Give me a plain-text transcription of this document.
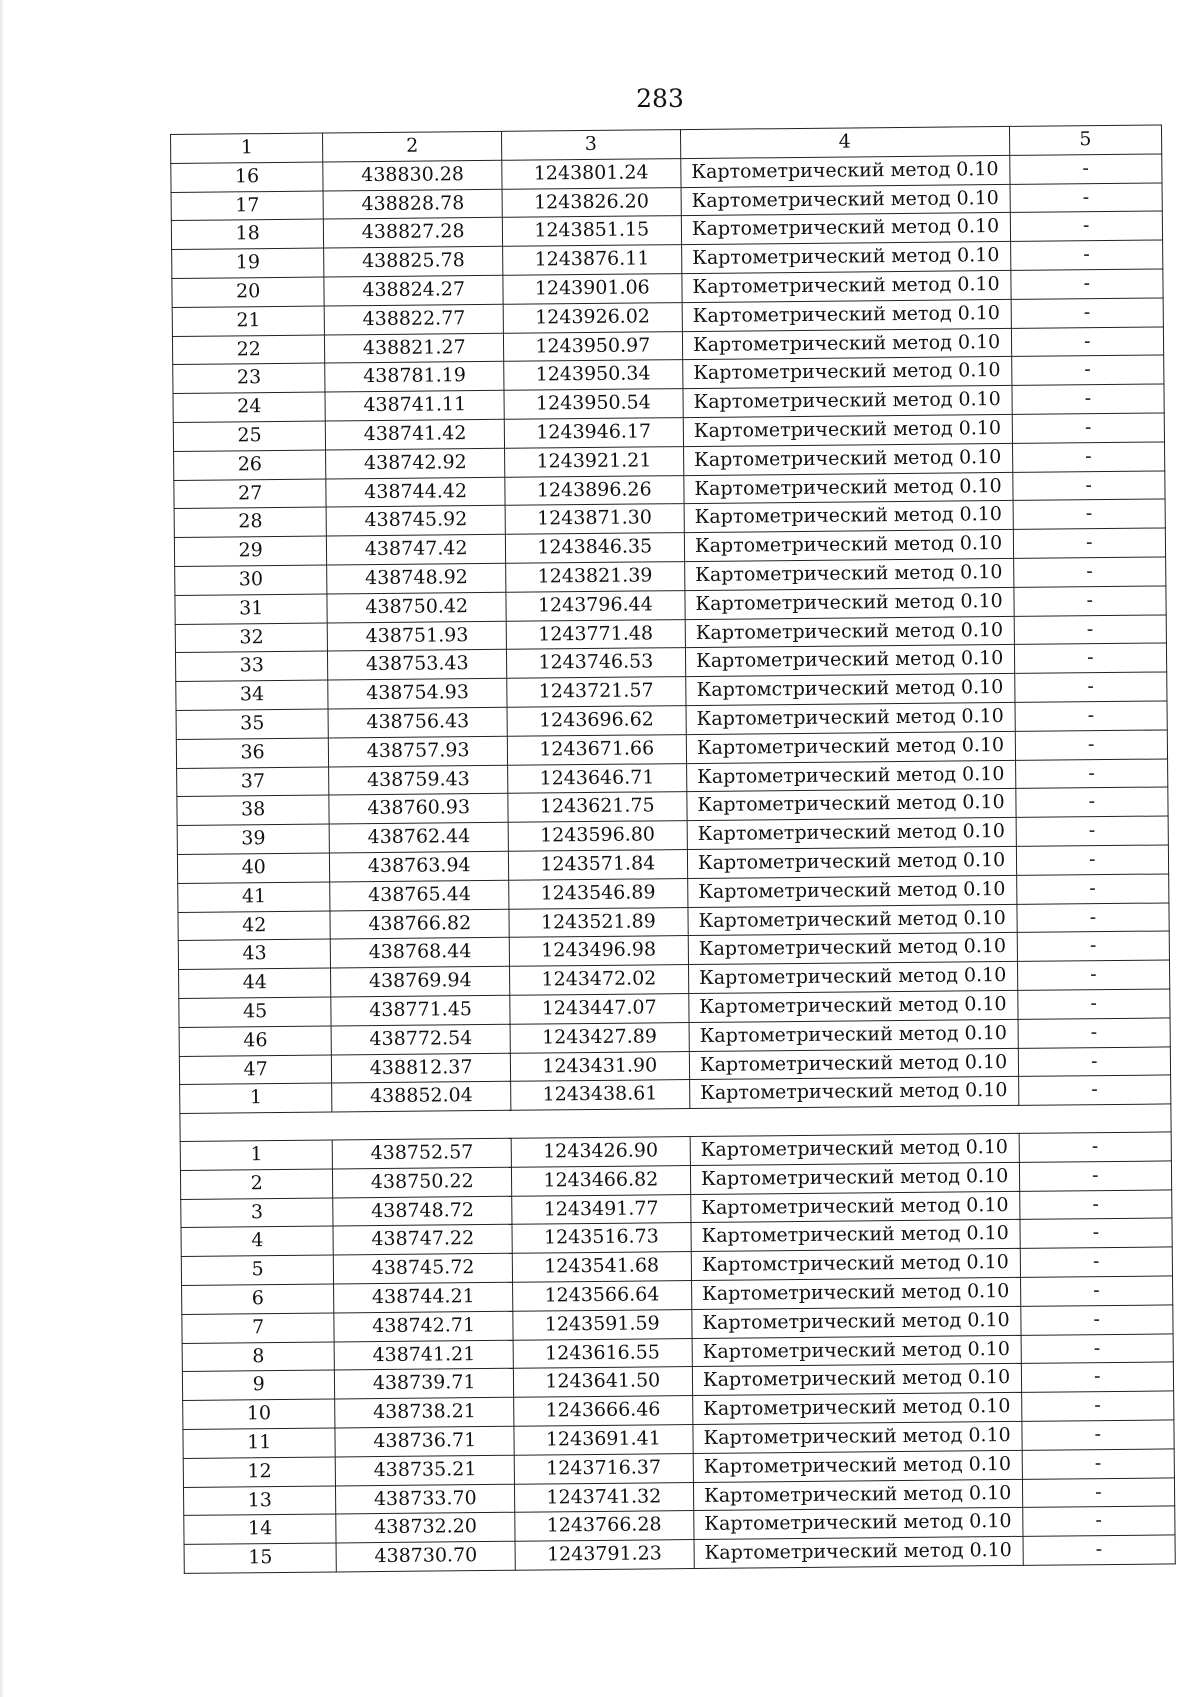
283
1	2	3	4	5
16	438830.28	1243801.24	Картометрический метод 0.10	-
17	438828.78	1243826.20	Картометрический метод 0.10	-
18	438827.28	1243851.15	Картометрический метод 0.10	-
19	438825.78	1243876.11	Картометрический метод 0.10	-
20	438824.27	1243901.06	Картометрический метод 0.10	-
21	438822.77	1243926.02	Картометрический метод 0.10	-
22	438821.27	1243950.97	Картометрический метод 0.10	-
23	438781.19	1243950.34	Картометрический метод 0.10	-
24	438741.11	1243950.54	Картометрический метод 0.10	-
25	438741.42	1243946.17	Картометрический метод 0.10	-
26	438742.92	1243921.21	Картометрический метод 0.10	-
27	438744.42	1243896.26	Картометрический метод 0.10	-
28	438745.92	1243871.30	Картометрический метод 0.10	-
29	438747.42	1243846.35	Картометрический метод 0.10	-
30	438748.92	1243821.39	Картометрический метод 0.10	-
31	438750.42	1243796.44	Картометрический метод 0.10	-
32	438751.93	1243771.48	Картометрический метод 0.10	-
33	438753.43	1243746.53	Картометрический метод 0.10	-
34	438754.93	1243721.57	Картомстрический метод 0.10	-
35	438756.43	1243696.62	Картометрический метод 0.10	-
36	438757.93	1243671.66	Картометрический метод 0.10	-
37	438759.43	1243646.71	Картометрический метод 0.10	-
38	438760.93	1243621.75	Картометрический метод 0.10	-
39	438762.44	1243596.80	Картометрический метод 0.10	-
40	438763.94	1243571.84	Картометрический метод 0.10	-
41	438765.44	1243546.89	Картометрический метод 0.10	-
42	438766.82	1243521.89	Картометрический метод 0.10	-
43	438768.44	1243496.98	Картометрический метод 0.10	-
44	438769.94	1243472.02	Картометрический метод 0.10	-
45	438771.45	1243447.07	Картометрический метод 0.10	-
46	438772.54	1243427.89	Картометрический метод 0.10	-
47	438812.37	1243431.90	Картометрический метод 0.10	-
1	438852.04	1243438.61	Картометрический метод 0.10	-

1	438752.57	1243426.90	Картометрический метод 0.10	-
2	438750.22	1243466.82	Картометрический метод 0.10	-
3	438748.72	1243491.77	Картометрический метод 0.10	-
4	438747.22	1243516.73	Картометрический метод 0.10	-
5	438745.72	1243541.68	Картомстрический метод 0.10	-
6	438744.21	1243566.64	Картометрический метод 0.10	-
7	438742.71	1243591.59	Картометрический метод 0.10	-
8	438741.21	1243616.55	Картометрический метод 0.10	-
9	438739.71	1243641.50	Картометрический метод 0.10	-
10	438738.21	1243666.46	Картометрический метод 0.10	-
11	438736.71	1243691.41	Картометрический метод 0.10	-
12	438735.21	1243716.37	Картометрический метод 0.10	-
13	438733.70	1243741.32	Картометрический метод 0.10	-
14	438732.20	1243766.28	Картометрический метод 0.10	-
15	438730.70	1243791.23	Картометрический метод 0.10	-
